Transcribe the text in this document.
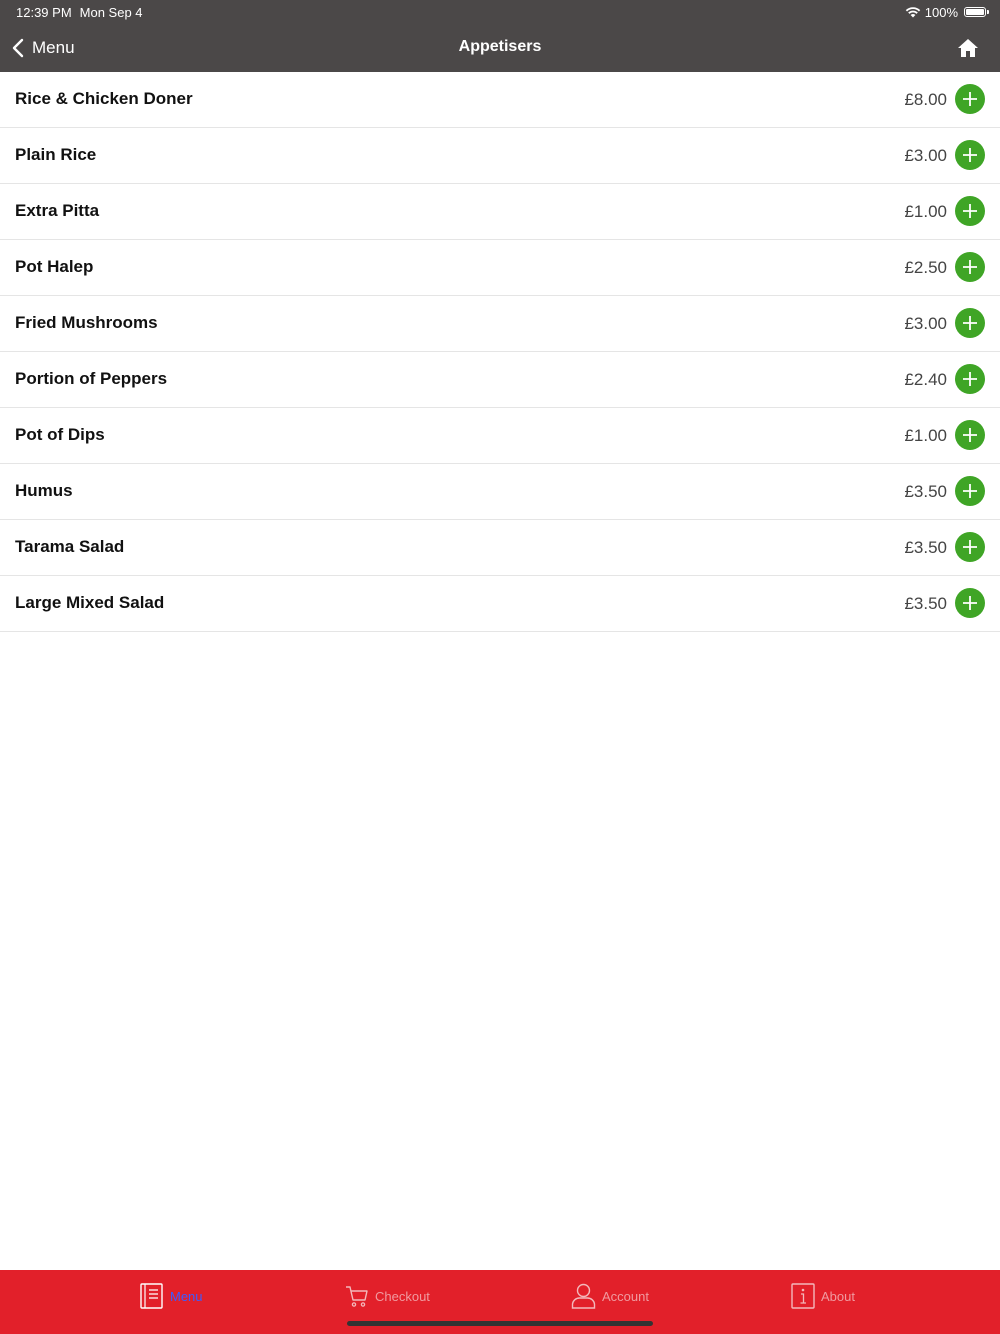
12:39 PM Mon Sep 4	100%
Menu	Appetisers
Rice & Chicken Doner	£8.00
Plain Rice	£3.00
Extra Pitta	£1.00
Pot Halep	£2.50
Fried Mushrooms	£3.00
Portion of Peppers	£2.40
Pot of Dips	£1.00
Humus	£3.50
Tarama Salad	£3.50
Large Mixed Salad	£3.50
Menu	Checkout	Account	About
